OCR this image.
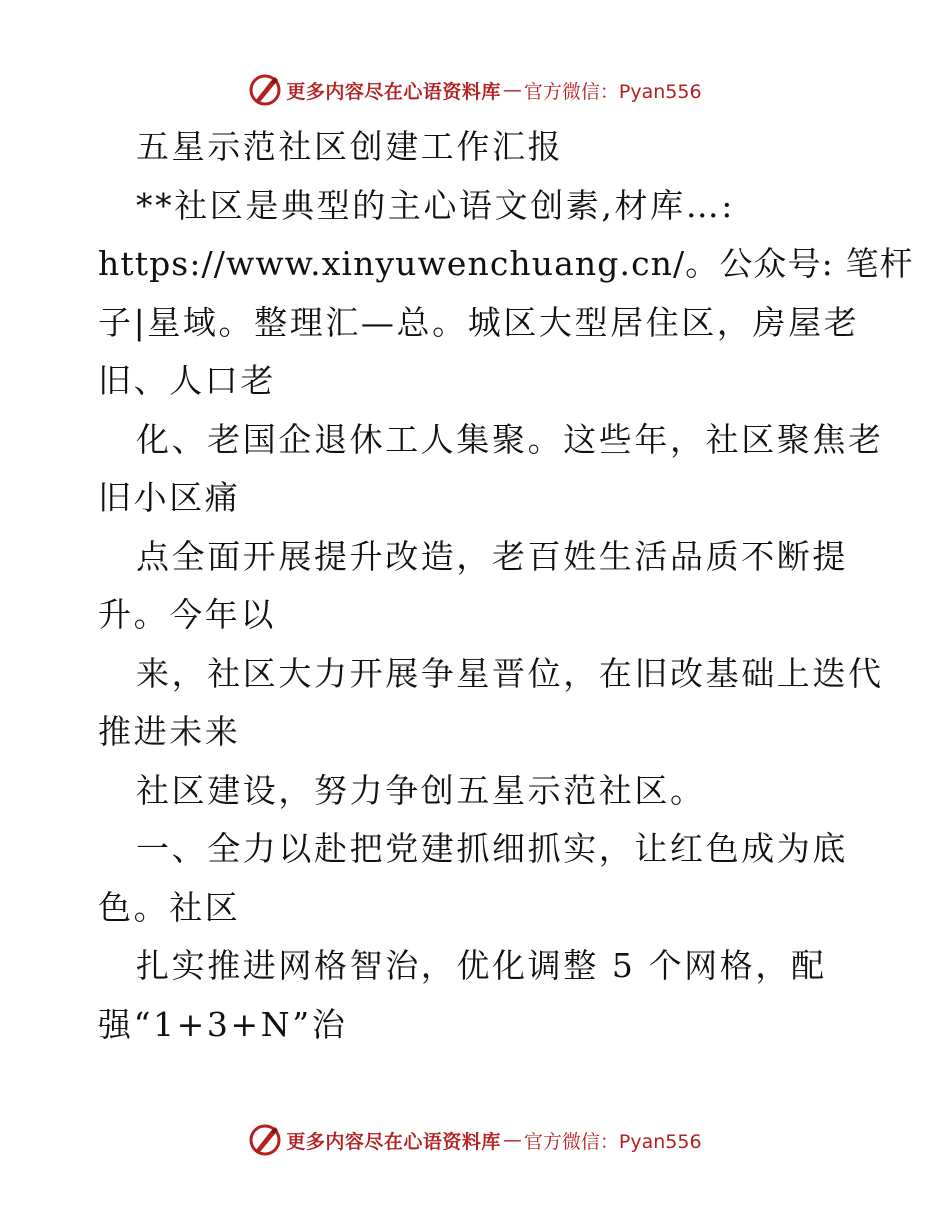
更多内容尽在心语资料库 — 官方微信：Pyan556
五星示范社区创建工作汇报
**社区是典型的主心语文创素,材库…:
https://www.xinyuwenchuang.cn/。公众号: 笔杆
子|星域。整理汇—总。城区大型居住区，房屋老
旧、人口老
化、老国企退休工人集聚。这些年，社区聚焦老
旧小区痛
点全面开展提升改造，老百姓生活品质不断提
升。今年以
来，社区大力开展争星晋位，在旧改基础上迭代
推进未来
社区建设，努力争创五星示范社区。
一、全力以赴把党建抓细抓实，让红色成为底
色。社区
扎实推进网格智治，优化调整 5 个网格，配
强“1+3+N”治
更多内容尽在心语资料库 — 官方微信：Pyan556
